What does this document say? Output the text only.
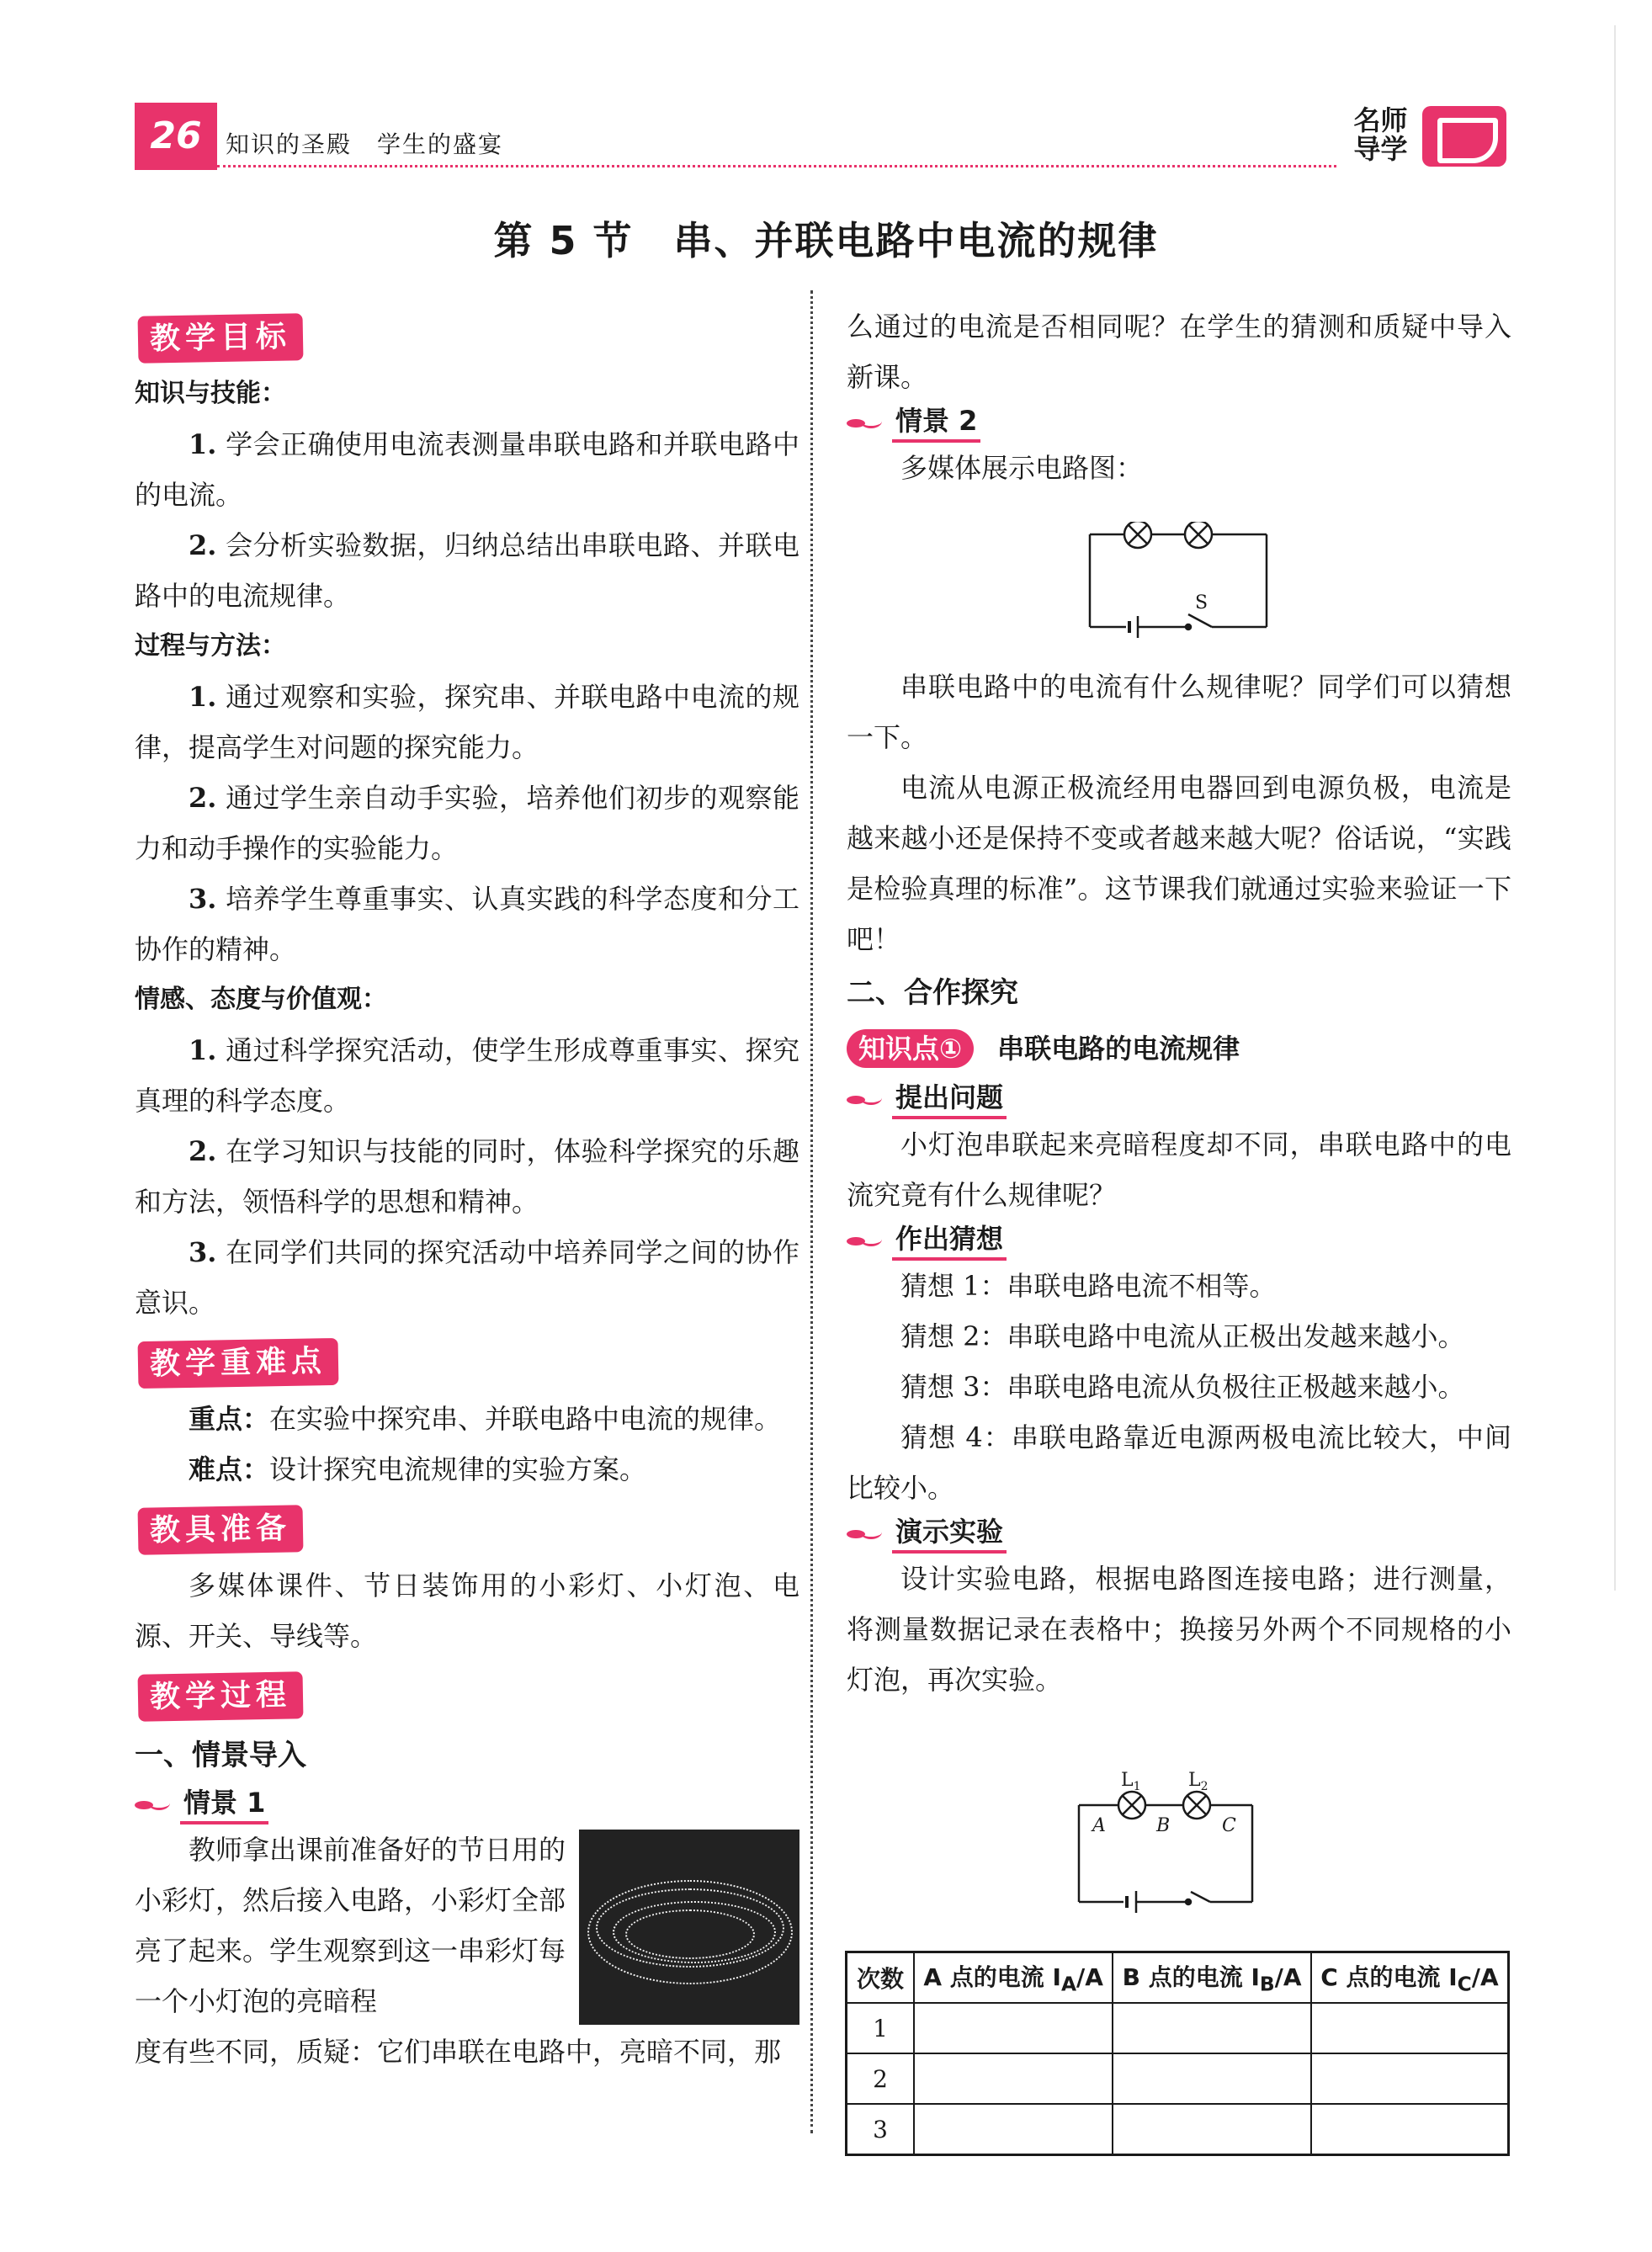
26	知识的圣殿　学生的盛宴
名师
导学
第 5 节　串、并联电路中电流的规律
教学目标
知识与技能：

1. 学会正确使用电流表测量串联电路和并联电路中的电流。

2. 会分析实验数据，归纳总结出串联电路、并联电路中的电流规律。

过程与方法：

1. 通过观察和实验，探究串、并联电路中电流的规律，提高学生对问题的探究能力。

2. 通过学生亲自动手实验，培养他们初步的观察能力和动手操作的实验能力。

3. 培养学生尊重事实、认真实践的科学态度和分工协作的精神。

情感、态度与价值观：

1. 通过科学探究活动，使学生形成尊重事实、探究真理的科学态度。

2. 在学习知识与技能的同时，体验科学探究的乐趣和方法，领悟科学的思想和精神。

3. 在同学们共同的探究活动中培养同学之间的协作意识。

教学重难点

重点：在实验中探究串、并联电路中电流的规律。

难点：设计探究电流规律的实验方案。

教具准备

多媒体课件、节日装饰用的小彩灯、小灯泡、电源、开关、导线等。

教学过程
一、情景导入
情景 1

教师拿出课前准备好的节日用的小彩灯，然后接入电路，小彩灯全部亮了起来。学生观察到这一串彩灯每一个小灯泡的亮暗程

度有些不同，质疑：它们串联在电路中，亮暗不同，那

么通过的电流是否相同呢？在学生的猜测和质疑中导入新课。

情景 2

多媒体展示电路图：

串联电路中的电流有什么规律呢？同学们可以猜想一下。

电流从电源正极流经用电器回到电源负极，电流是越来越小还是保持不变或者越来越大呢？俗话说，“实践是检验真理的标准”。这节课我们就通过实验来验证一下吧！

二、合作探究
知识点①	串联电路的电流规律
提出问题

小灯泡串联起来亮暗程度却不同，串联电路中的电流究竟有什么规律呢？

作出猜想

猜想 1：串联电路电流不相等。

猜想 2：串联电路中电流从正极出发越来越小。

猜想 3：串联电路电流从负极往正极越来越小。

猜想 4：串联电路靠近电源两极电流比较大，中间比较小。

演示实验

设计实验电路，根据电路图连接电路；进行测量，将测量数据记录在表格中；换接另外两个不同规格的小灯泡，再次实验。

S
$L_1$	$L_2$
A	B	C
次数	A 点的电流 $I_A/A$	B 点的电流 $I_B/A$	C 点的电流 $I_C/A$
1			
2			
3			
